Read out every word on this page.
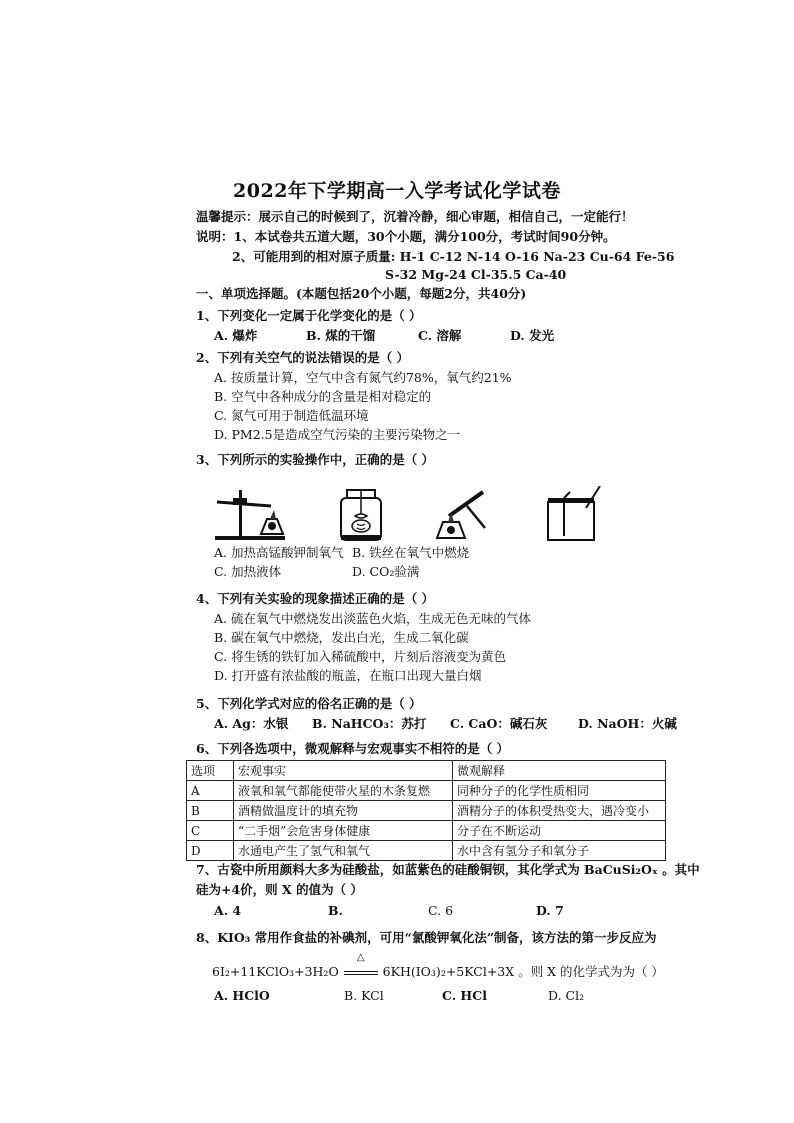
2022年下学期高一入学考试化学试卷
温馨提示：展示自己的时候到了，沉着冷静，细心审题，相信自己，一定能行！
说明：1、本试卷共五道大题，30个小题，满分100分，考试时间90分钟。
2、可能用到的相对原子质量: H-1 C-12 N-14 O-16 Na-23 Cu-64 Fe-56
S-32 Mg-24 Cl-35.5 Ca-40
一、单项选择题。(本题包括20个小题，每题2分，共40分)
1、下列变化一定属于化学变化的是（ ）
A. 爆炸	B. 煤的干馏	C. 溶解	D. 发光
2、下列有关空气的说法错误的是（ ）
A. 按质量计算，空气中含有氮气约78%，氧气约21%
B. 空气中各种成分的含量是相对稳定的
C. 氮气可用于制造低温环境
D. PM2.5是造成空气污染的主要污染物之一
3、下列所示的实验操作中，正确的是（ ）
A. 加热高锰酸钾制氧气 B. 铁丝在氧气中燃烧
C. 加热液体	D. CO₂验满
4、下列有关实验的现象描述正确的是（ ）
A. 硫在氧气中燃烧发出淡蓝色火焰，生成无色无味的气体
B. 碳在氧气中燃烧，发出白光，生成二氧化碳
C. 将生锈的铁钉加入稀硫酸中，片刻后溶液变为黄色
D. 打开盛有浓盐酸的瓶盖，在瓶口出现大量白烟
5、下列化学式对应的俗名正确的是（ ）
A. Ag：水银 B. NaHCO₃：苏打 C. CaO：碱石灰 D. NaOH：火碱
6、下列各选项中，微观解释与宏观事实不相符的是（ ）
选项	宏观事实	微观解释
A	液氧和氧气都能使带火星的木条复燃	同种分子的化学性质相同
B	酒精做温度计的填充物	酒精分子的体积受热变大，遇冷变小
C	“二手烟”会危害身体健康	分子在不断运动
D	水通电产生了氢气和氧气	水中含有氢分子和氧分子
7、古瓷中所用颜料大多为硅酸盐，如蓝紫色的硅酸铜钡，其化学式为 BaCuSi₂Oₓ 。其中
硅为+4价，则 X 的值为（ ）
A. 4	B.	C. 6	D. 7
8、KIO₃ 常用作食盐的补碘剂，可用“氯酸钾氧化法”制备，该方法的第一步反应为
6I₂+11KClO₃+3H₂O
△
6KH(IO₃)₂+5KCl+3X 。则 X 的化学式为为（ ）
A. HClO	B. KCl	C. HCl	D. Cl₂
